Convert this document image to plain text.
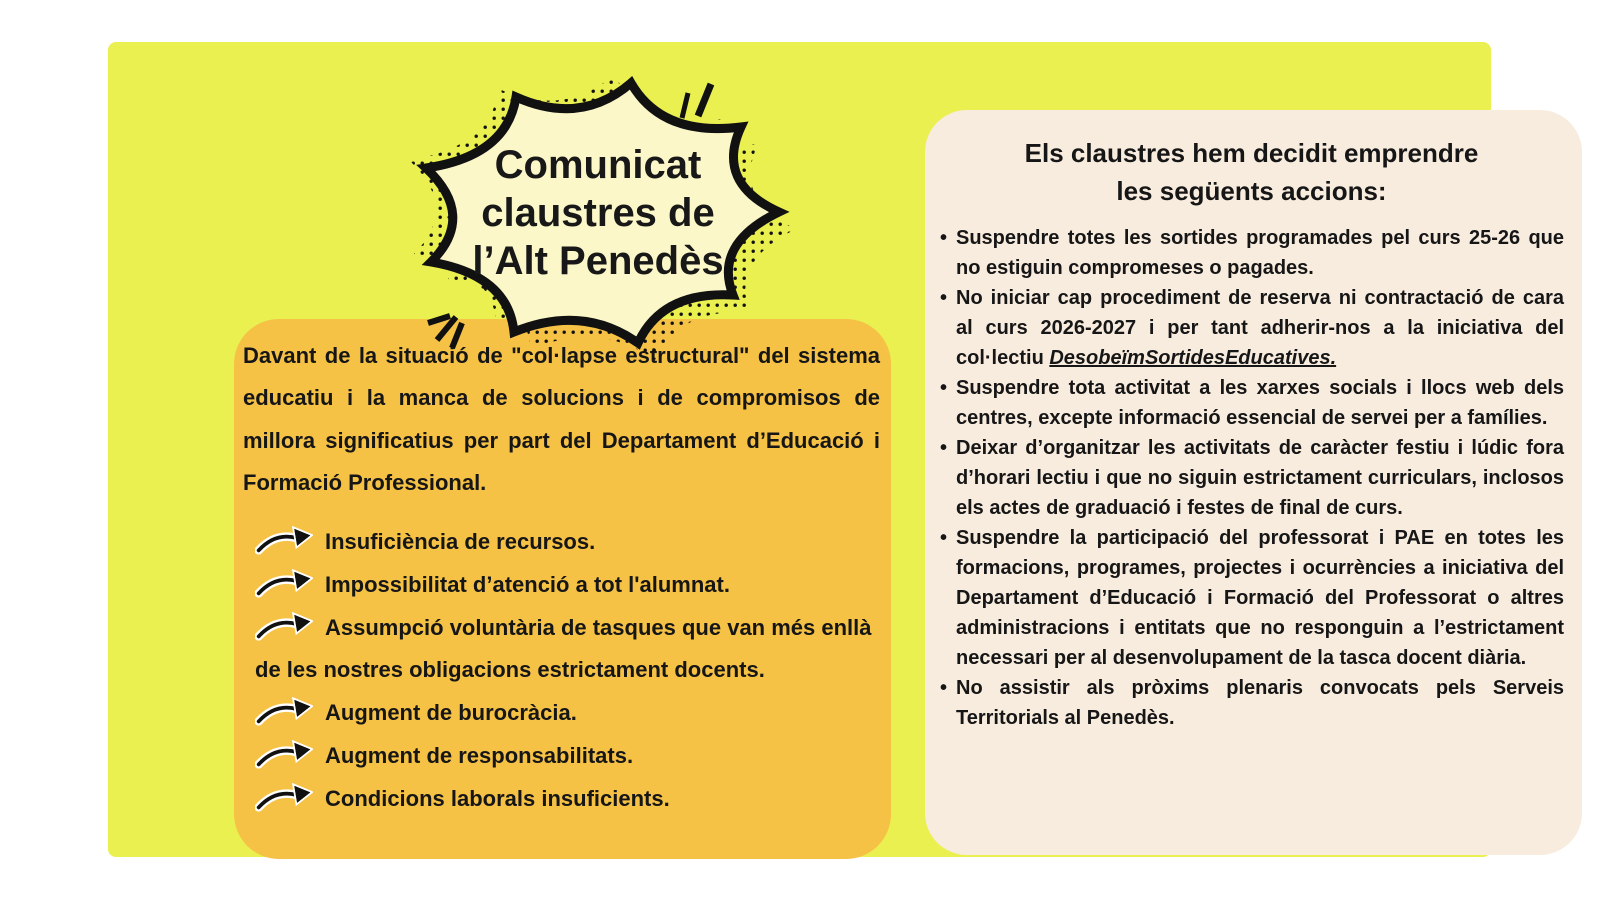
Comunicat
claustres de
l’Alt Penedès

Davant de la situació de "col·lapse estructural" del sistema educatiu i la manca de solucions i de compromisos de millora significatius per part del Departament d’Educació i Formació Professional.

Insuficiència de recursos.
Impossibilitat d’atenció a tot l'alumnat.
Assumpció voluntària de tasques que van més enllà de les nostres obligacions estrictament docents.
Augment de burocràcia.
Augment de responsabilitats.
Condicions laborals insuficients.
Els claustres hem decidit emprendre
les següents accions:
• Suspendre totes les sortides programades pel curs 25-26 que no estiguin compromeses o pagades.
• No iniciar cap procediment de reserva ni contractació de cara al curs 2026-2027 i per tant adherir-nos a la iniciativa del col·lectiu DesobeïmSortidesEducatives.
• Suspendre tota activitat a les xarxes socials i llocs web dels centres, excepte informació essencial de servei per a famílies.
• Deixar d’organitzar les activitats de caràcter festiu i lúdic fora d’horari lectiu i que no siguin estrictament curriculars, inclosos els actes de graduació i festes de final de curs.
• Suspendre la participació del professorat i PAE en totes les formacions, programes, projectes i ocurrències a iniciativa del Departament d’Educació i Formació del Professorat o altres administracions i entitats que no responguin a l’estrictament necessari per al desenvolupament de la tasca docent diària.
• No assistir als pròxims plenaris convocats pels Serveis Territorials al Penedès.
